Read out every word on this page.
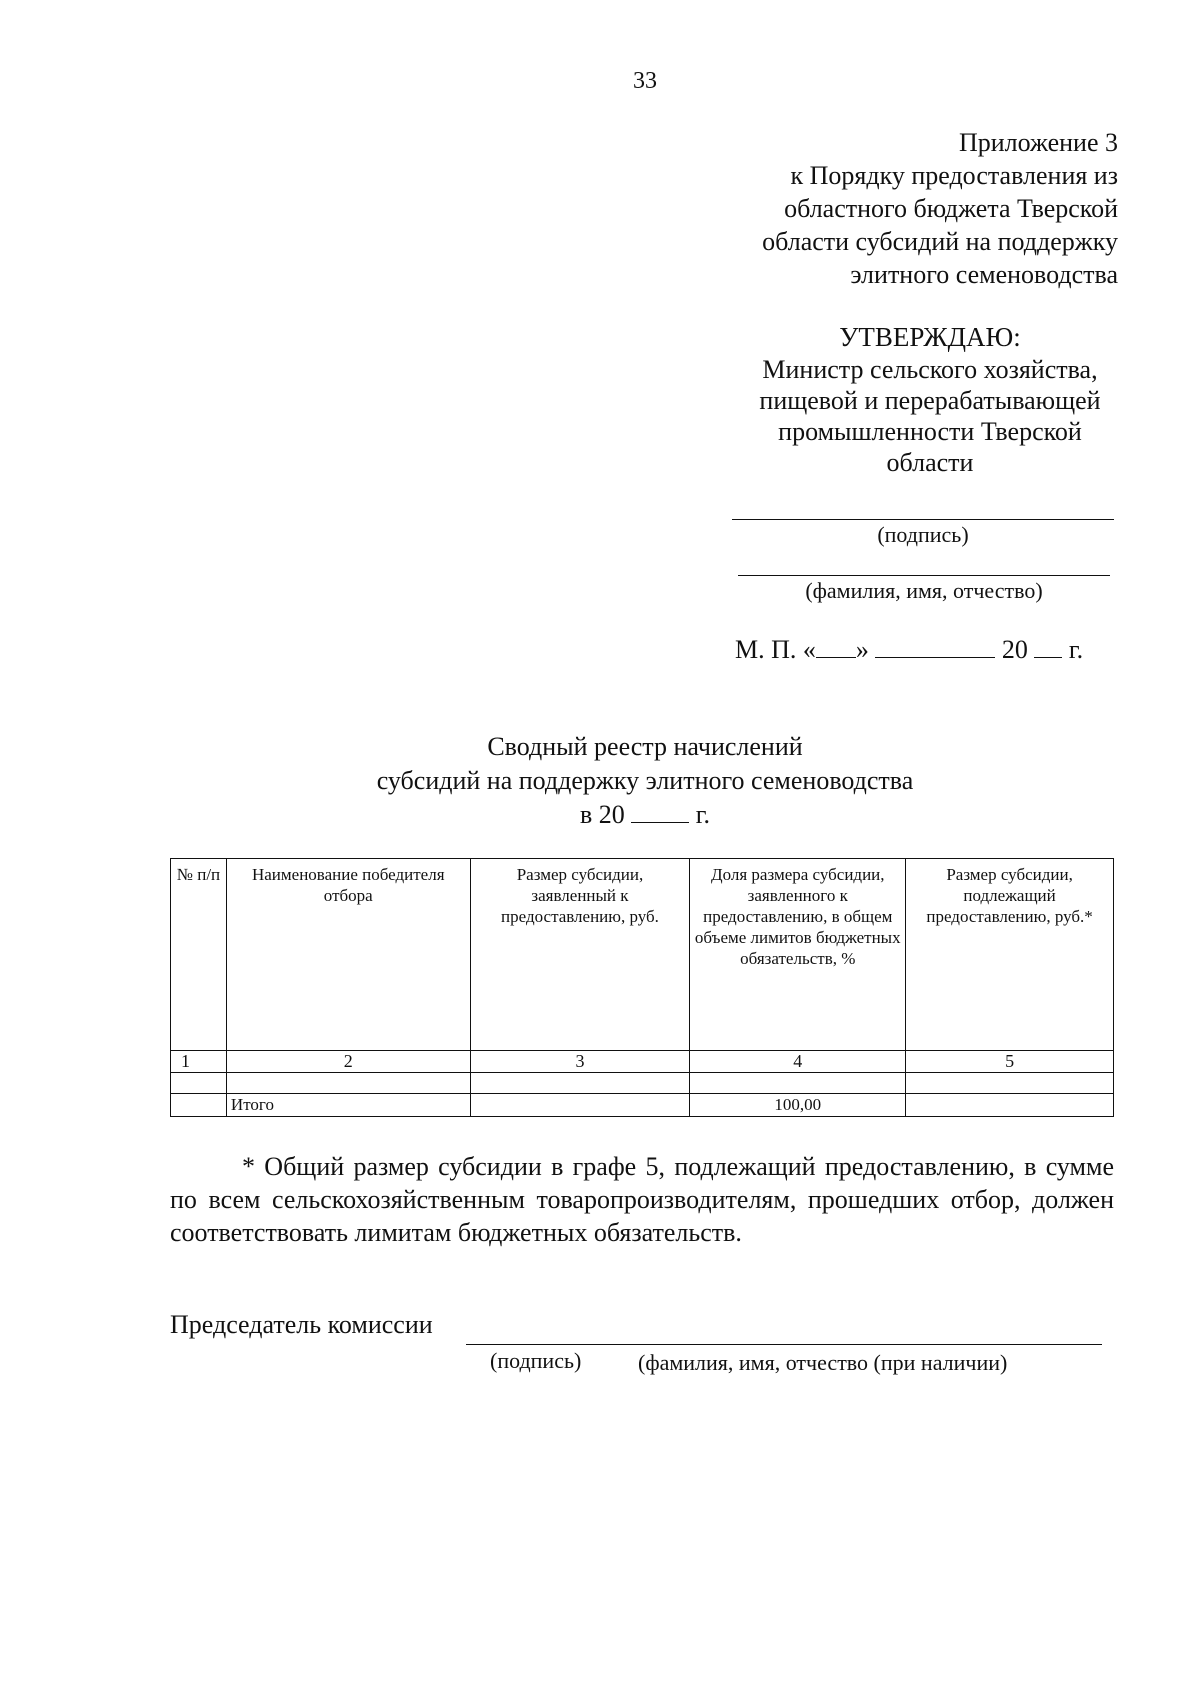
33
Приложение 3
к Порядку предоставления из
областного бюджета Тверской
области субсидий на поддержку
элитного семеноводства
УТВЕРЖДАЮ:
Министр сельского хозяйства,
пищевой и перерабатывающей
промышленности Тверской
области
(подпись)
(фамилия, имя, отчество)
М. П. « »	20 г.
Сводный реестр начислений
субсидий на поддержку элитного семеноводства
в 20	г.
№ п/п	Наименование победителя отбора	Размер субсидии, заявленный к предоставлению, руб.	Доля размера субсидии, заявленного к предоставлению, в общем объеме лимитов бюджетных обязательств, %	Размер субсидии, подлежащий предоставлению, руб.*
1	2	3	4	5

	Итого		100,00	

* Общий размер субсидии в графе 5, подлежащий предоставлению, в сумме по всем сельскохозяйственным товаропроизводителям, прошедших отбор, должен соответствовать лимитам бюджетных обязательств.

Председатель комиссии
(подпись)	(фамилия, имя, отчество (при наличии)
